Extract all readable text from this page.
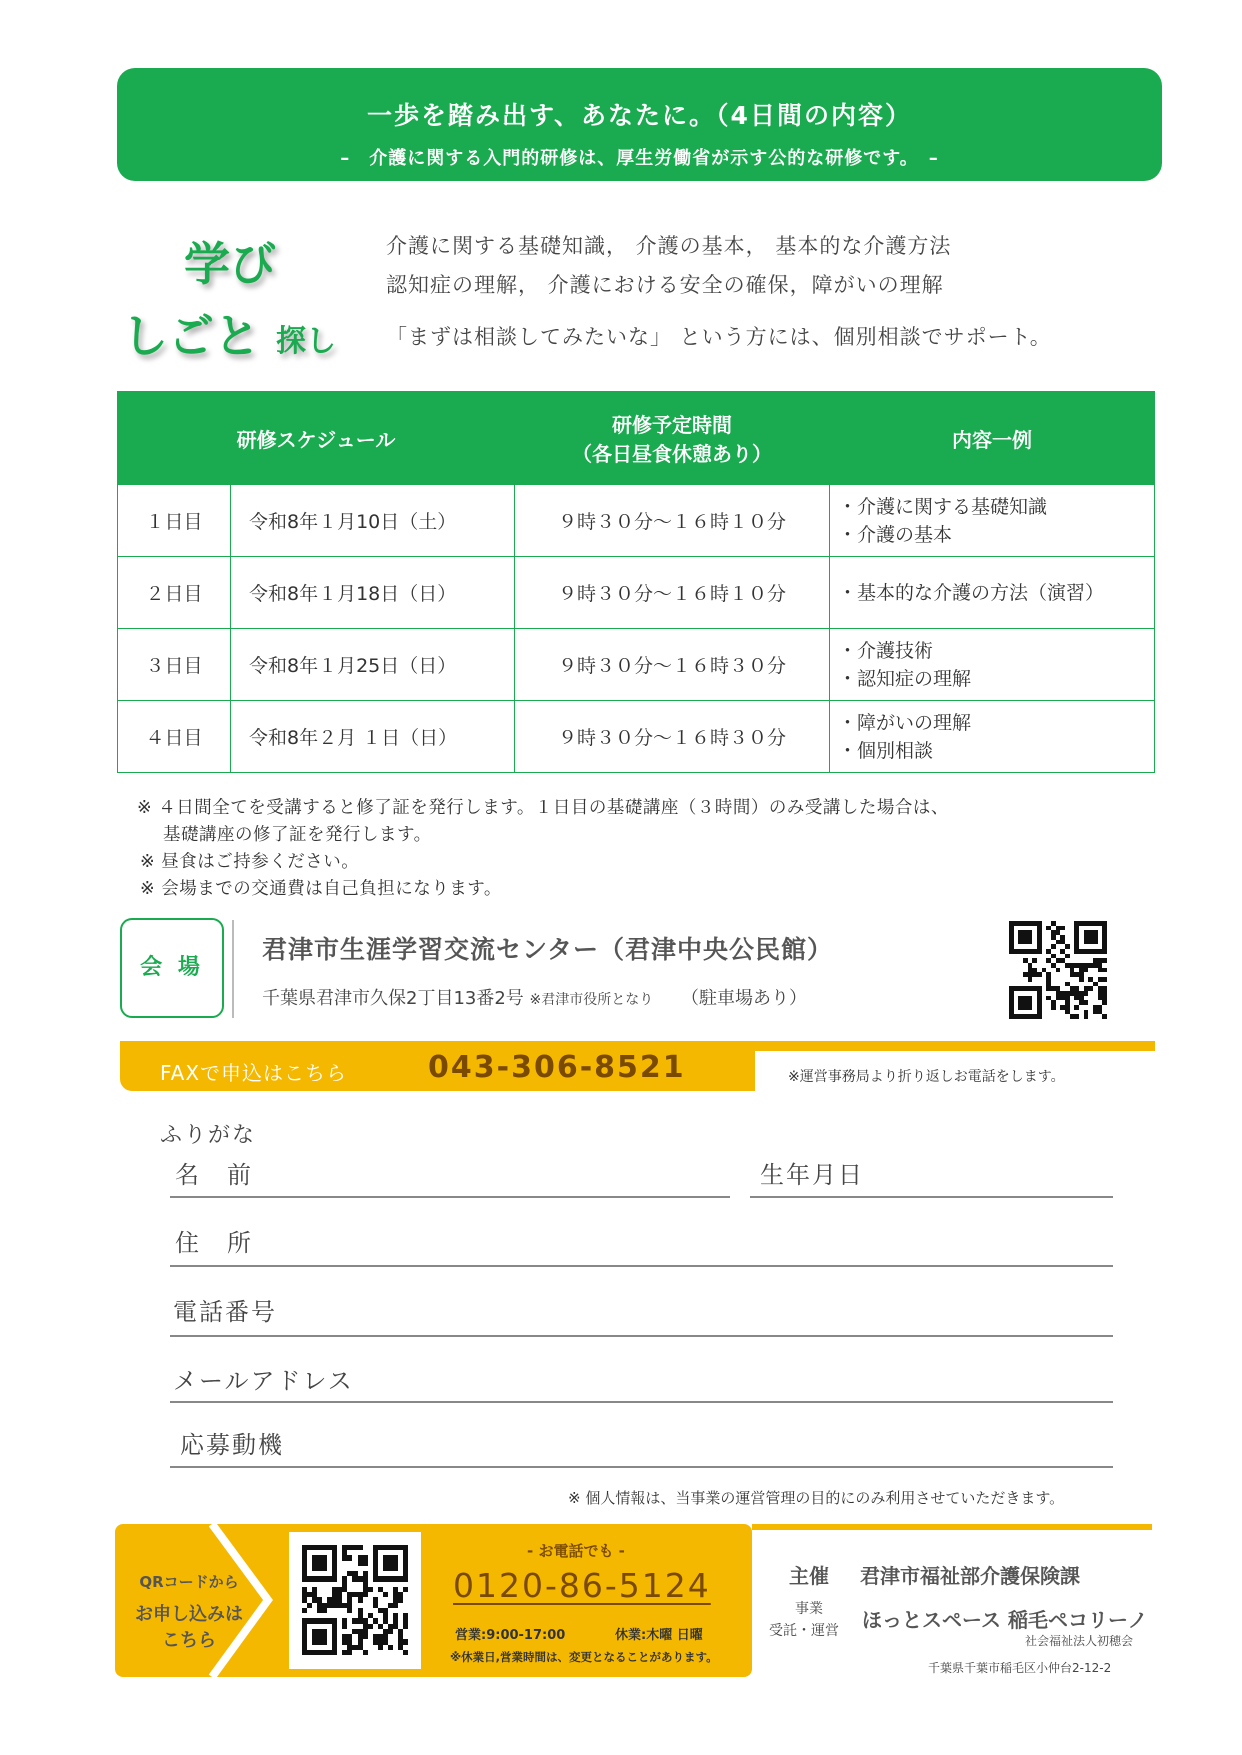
一歩を踏み出す、あなたに。（4日間の内容）
–　介護に関する入門的研修は、厚生労働省が示す公的な研修です。　–
学び
しごと 探し
介護に関する基礎知識， 介護の基本， 基本的な介護方法
認知症の理解， 介護における安全の確保，障がいの理解
「まずは相談してみたいな」 という方には、個別相談でサポート。
研修スケジュール		研修予定時間
（各日昼食休憩あり）	内容一例
１日目	令和8年１月10日（土）	９時３０分～１６時１０分	・介護に関する基礎知識
・介護の基本

２日目	令和8年１月18日（日）	９時３０分～１６時１０分	・基本的な介護の方法（演習）

３日目	令和8年１月25日（日）	９時３０分～１６時３０分	・介護技術
・認知症の理解

４日目	令和8年２月 １日（日）	９時３０分～１６時３０分	・障がいの理解
・個別相談
※ ４日間全てを受講すると修了証を発行します。１日目の基礎講座（３時間）のみ受講した場合は、
基礎講座の修了証を発行します。
※ 昼食はご持参ください。
※ 会場までの交通費は自己負担になります。
会 場
君津市生涯学習交流センター（君津中央公民館）
千葉県君津市久保2丁目13番2号 ※君津市役所となり （駐車場あり）
FAXで申込はこちら	043-306-8521	※運営事務局より折り返しお電話をします。
ふりがな
名　前	生年月日
住　所
電話番号
メールアドレス
応募動機
※ 個人情報は、当事業の運営管理の目的にのみ利用させていただきます。
QRコードから
お申し込みは
こちら
- お電話でも -
0120-86-5124
営業:9:00-17:00	休業:木曜 日曜
※休業日,営業時間は、変更となることがあります。
主催 君津市福祉部介護保険課
事業
受託・運営 ほっとスペース 稲毛ペコリーノ
社会福祉法人初穂会
千葉県千葉市稲毛区小仲台2-12-2
